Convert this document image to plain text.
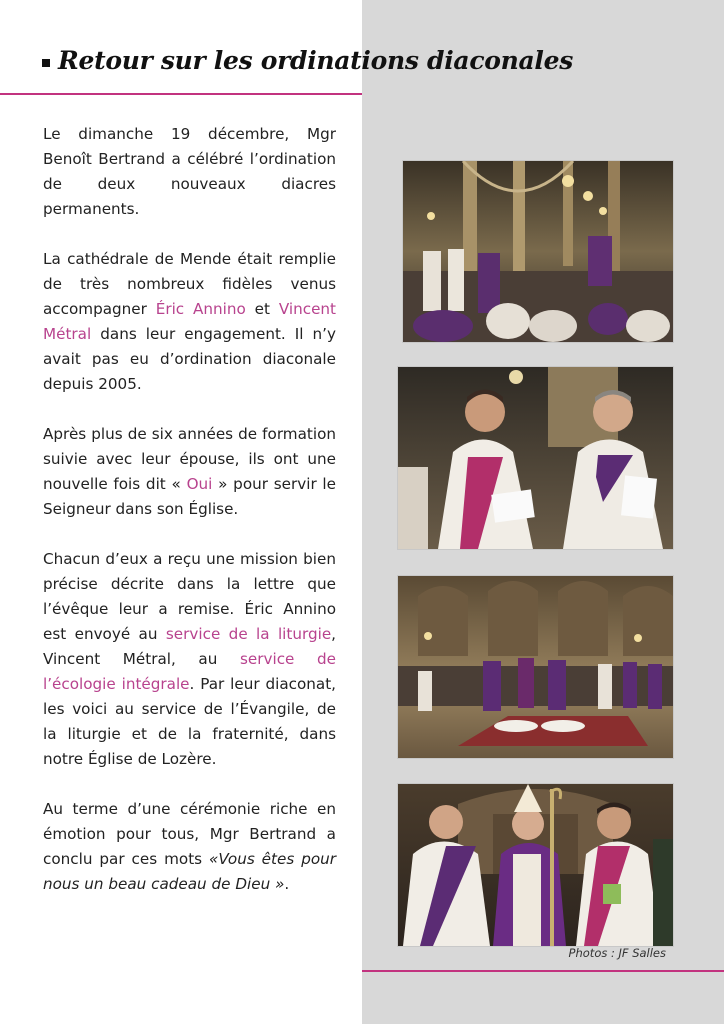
Retour sur les ordinations diaconales

Le dimanche 19 décembre, Mgr Benoît Bertrand a célébré l’ordination de deux nouveaux diacres permanents.

La cathédrale de Mende était remplie de très nombreux fidèles venus accompagner Éric Annino et Vincent Métral dans leur engagement. Il n’y avait pas eu d’ordination diaconale depuis 2005.

Après plus de six années de formation suivie avec leur épouse, ils ont une nouvelle fois dit « Oui » pour servir le Seigneur dans son Église.

Chacun d’eux a reçu une mission bien précise décrite dans la lettre que l’évêque leur a remise. Éric Annino est envoyé au service de la liturgie, Vincent Métral, au service de l’écologie intégrale. Par leur diaconat, les voici au service de l’Évangile, de la liturgie et de la fraternité, dans notre Église de Lozère.

Au terme d’une cérémonie riche en émotion pour tous, Mgr Bertrand a conclu par ces mots «Vous êtes pour nous un beau cadeau de Dieu ».

Photos : JF Salles
